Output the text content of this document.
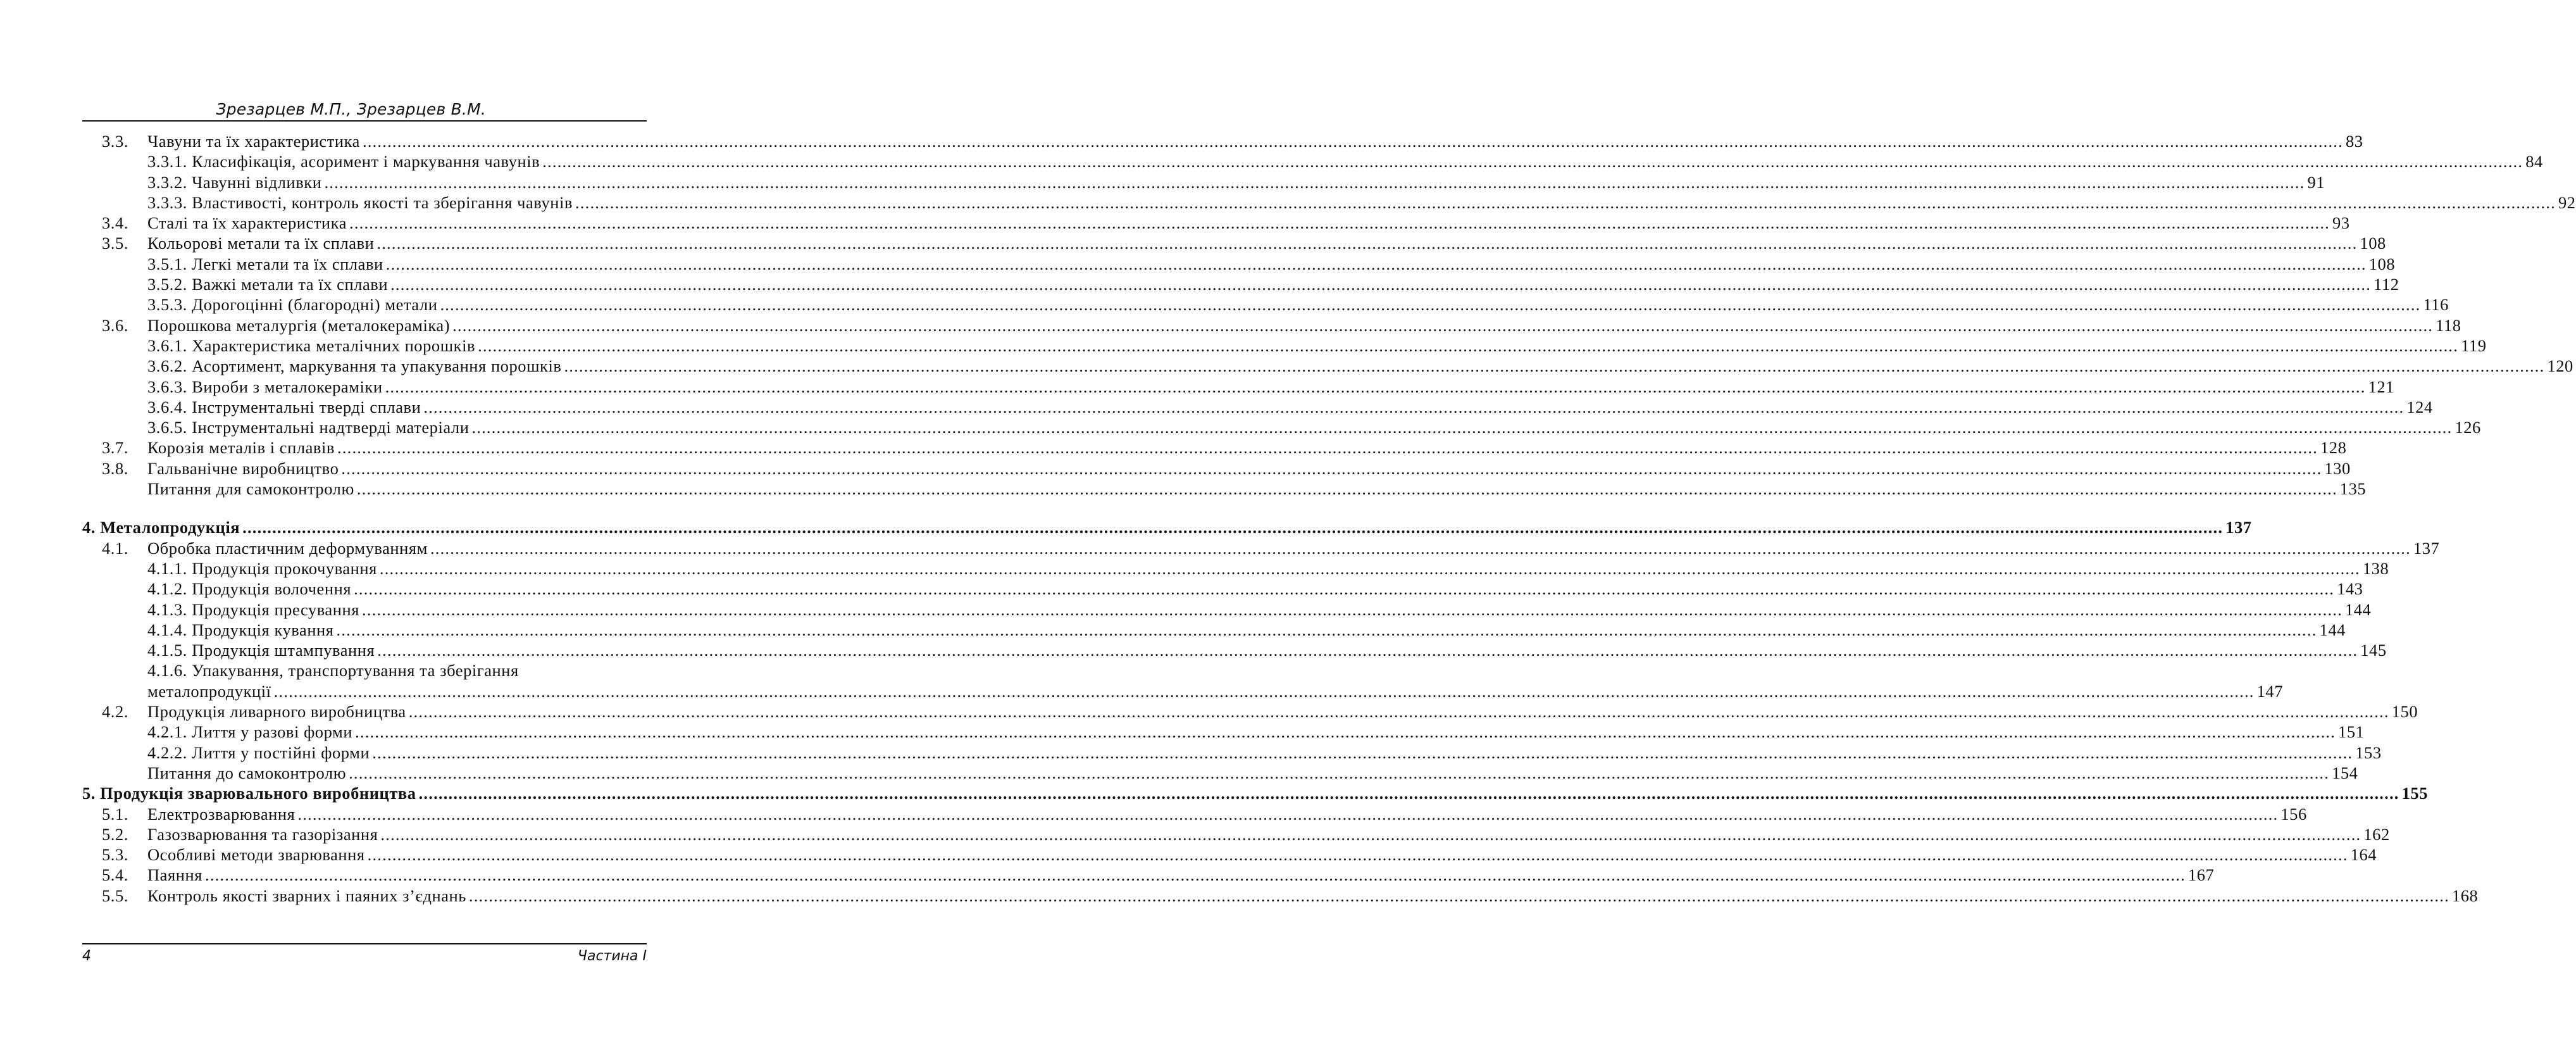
Зрезарцев М.П., Зрезарцев В.М.
3.3. Чавуни та їх характеристика ................................................................................................................................................................................................................................................................................................................................................................................................................ 83
3.3.1. Класифікація, асоримент і маркування чавунів ................................................................................................................................................................................................................................................................................................................................................................................................................ 84
3.3.2. Чавунні відливки ................................................................................................................................................................................................................................................................................................................................................................................................................ 91
3.3.3. Властивості, контроль якості та зберігання чавунів ................................................................................................................................................................................................................................................................................................................................................................................................................ 92
3.4. Сталі та їх характеристика ................................................................................................................................................................................................................................................................................................................................................................................................................ 93
3.5. Кольорові метали та їх сплави ................................................................................................................................................................................................................................................................................................................................................................................................................ 108
3.5.1. Легкі метали та їх сплави ................................................................................................................................................................................................................................................................................................................................................................................................................ 108
3.5.2. Важкі метали та їх сплави ................................................................................................................................................................................................................................................................................................................................................................................................................ 112
3.5.3. Дорогоцінні (благородні) метали ................................................................................................................................................................................................................................................................................................................................................................................................................ 116
3.6. Порошкова металургія (металокераміка) ................................................................................................................................................................................................................................................................................................................................................................................................................ 118
3.6.1. Характеристика металічних порошків ................................................................................................................................................................................................................................................................................................................................................................................................................ 119
3.6.2. Асортимент, маркування та упакування порошків ................................................................................................................................................................................................................................................................................................................................................................................................................ 120
3.6.3. Вироби з металокераміки ................................................................................................................................................................................................................................................................................................................................................................................................................ 121
3.6.4. Інструментальні тверді сплави ................................................................................................................................................................................................................................................................................................................................................................................................................ 124
3.6.5. Інструментальні надтверді матеріали ................................................................................................................................................................................................................................................................................................................................................................................................................ 126
3.7. Корозія металів і сплавів ................................................................................................................................................................................................................................................................................................................................................................................................................ 128
3.8. Гальванічне виробництво ................................................................................................................................................................................................................................................................................................................................................................................................................ 130
Питання для самоконтролю ................................................................................................................................................................................................................................................................................................................................................................................................................ 135
4. Металопродукція ................................................................................................................................................................................................................................................................................................................................................................................................................ 137
4.1. Обробка пластичним деформуванням ................................................................................................................................................................................................................................................................................................................................................................................................................ 137
4.1.1. Продукція прокочування ................................................................................................................................................................................................................................................................................................................................................................................................................ 138
4.1.2. Продукція волочення ................................................................................................................................................................................................................................................................................................................................................................................................................ 143
4.1.3. Продукція пресування ................................................................................................................................................................................................................................................................................................................................................................................................................ 144
4.1.4. Продукція кування ................................................................................................................................................................................................................................................................................................................................................................................................................ 144
4.1.5. Продукція штампування ................................................................................................................................................................................................................................................................................................................................................................................................................ 145
4.1.6. Упакування, транспортування та зберігання
металопродукції ................................................................................................................................................................................................................................................................................................................................................................................................................ 147
4.2. Продукція ливарного виробництва ................................................................................................................................................................................................................................................................................................................................................................................................................ 150
4.2.1. Лиття у разові форми ................................................................................................................................................................................................................................................................................................................................................................................................................ 151
4.2.2. Лиття у постійні форми ................................................................................................................................................................................................................................................................................................................................................................................................................ 153
Питання до самоконтролю ................................................................................................................................................................................................................................................................................................................................................................................................................ 154
5. Продукція зварювального виробництва ................................................................................................................................................................................................................................................................................................................................................................................................................ 155
5.1. Електрозварювання ................................................................................................................................................................................................................................................................................................................................................................................................................ 156
5.2. Газозварювання та газорізання ................................................................................................................................................................................................................................................................................................................................................................................................................ 162
5.3. Особливі методи зварювання ................................................................................................................................................................................................................................................................................................................................................................................................................ 164
5.4. Паяння ................................................................................................................................................................................................................................................................................................................................................................................................................ 167
5.5. Контроль якості зварних і паяних з’єднань ................................................................................................................................................................................................................................................................................................................................................................................................................ 168
4	Частина І
